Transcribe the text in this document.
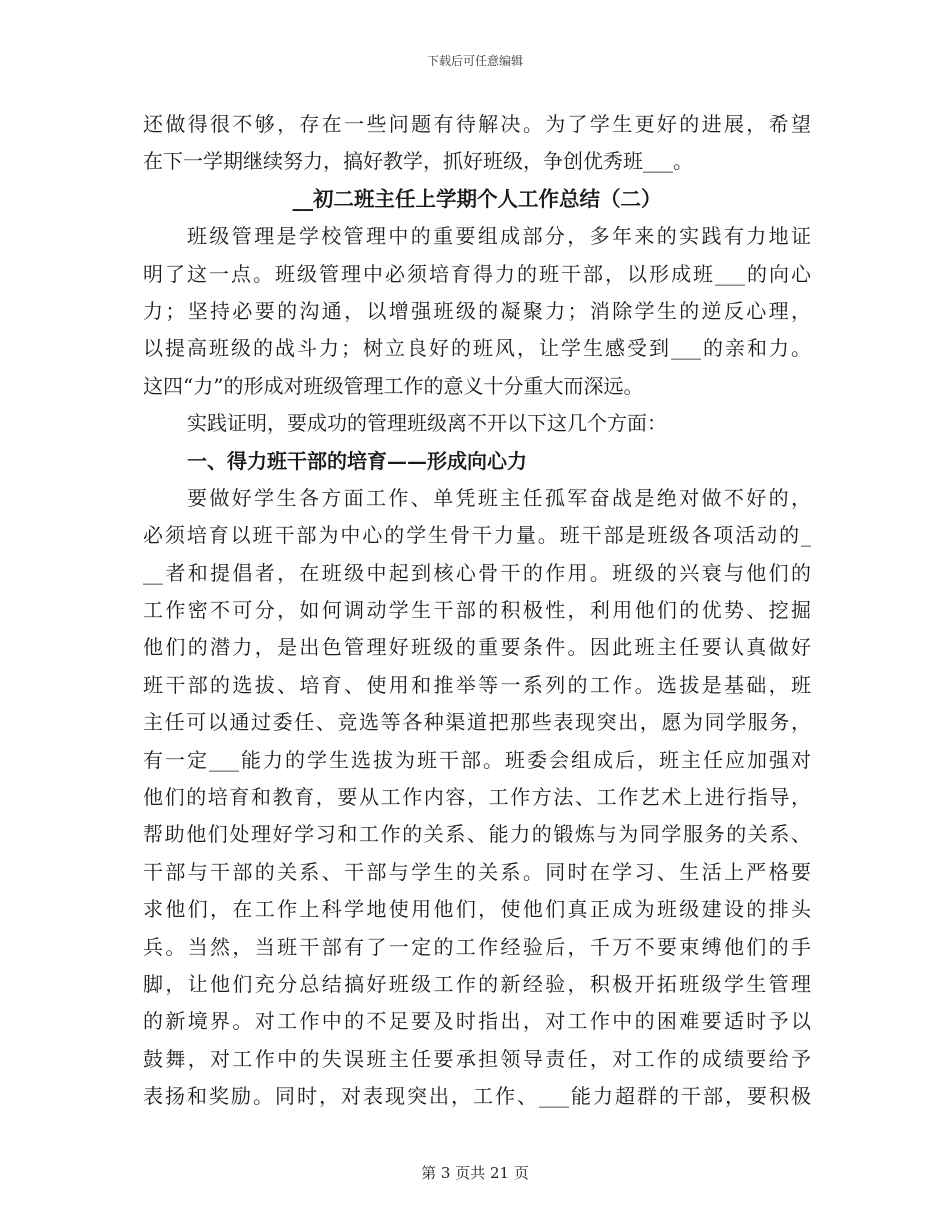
下载后可任意编辑
还做得很不够，存在一些问题有待解决。为了学生更好的进展，希望
在下一学期继续努力，搞好教学，抓好班级，争创优秀班___。
__初二班主任上学期个人工作总结（二）
班级管理是学校管理中的重要组成部分，多年来的实践有力地证
明了这一点。班级管理中必须培育得力的班干部，以形成班___的向心
力；坚持必要的沟通，以增强班级的凝聚力；消除学生的逆反心理，
以提高班级的战斗力；树立良好的班风，让学生感受到___的亲和力。
这四“力”的形成对班级管理工作的意义十分重大而深远。
实践证明，要成功的管理班级离不开以下这几个方面：
一、得力班干部的培育——形成向心力
要做好学生各方面工作、单凭班主任孤军奋战是绝对做不好的，
必须培育以班干部为中心的学生骨干力量。班干部是班级各项活动的_
__者和提倡者，在班级中起到核心骨干的作用。班级的兴衰与他们的
工作密不可分，如何调动学生干部的积极性，利用他们的优势、挖掘
他们的潜力，是出色管理好班级的重要条件。因此班主任要认真做好
班干部的选拔、培育、使用和推举等一系列的工作。选拔是基础，班
主任可以通过委任、竞选等各种渠道把那些表现突出，愿为同学服务，
有一定___能力的学生选拔为班干部。班委会组成后，班主任应加强对
他们的培育和教育，要从工作内容，工作方法、工作艺术上进行指导，
帮助他们处理好学习和工作的关系、能力的锻炼与为同学服务的关系、
干部与干部的关系、干部与学生的关系。同时在学习、生活上严格要
求他们，在工作上科学地使用他们，使他们真正成为班级建设的排头
兵。当然，当班干部有了一定的工作经验后，千万不要束缚他们的手
脚，让他们充分总结搞好班级工作的新经验，积极开拓班级学生管理
的新境界。对工作中的不足要及时指出，对工作中的困难要适时予以
鼓舞，对工作中的失误班主任要承担领导责任，对工作的成绩要给予
表扬和奖励。同时，对表现突出，工作、___能力超群的干部，要积极
第 3 页共 21 页
